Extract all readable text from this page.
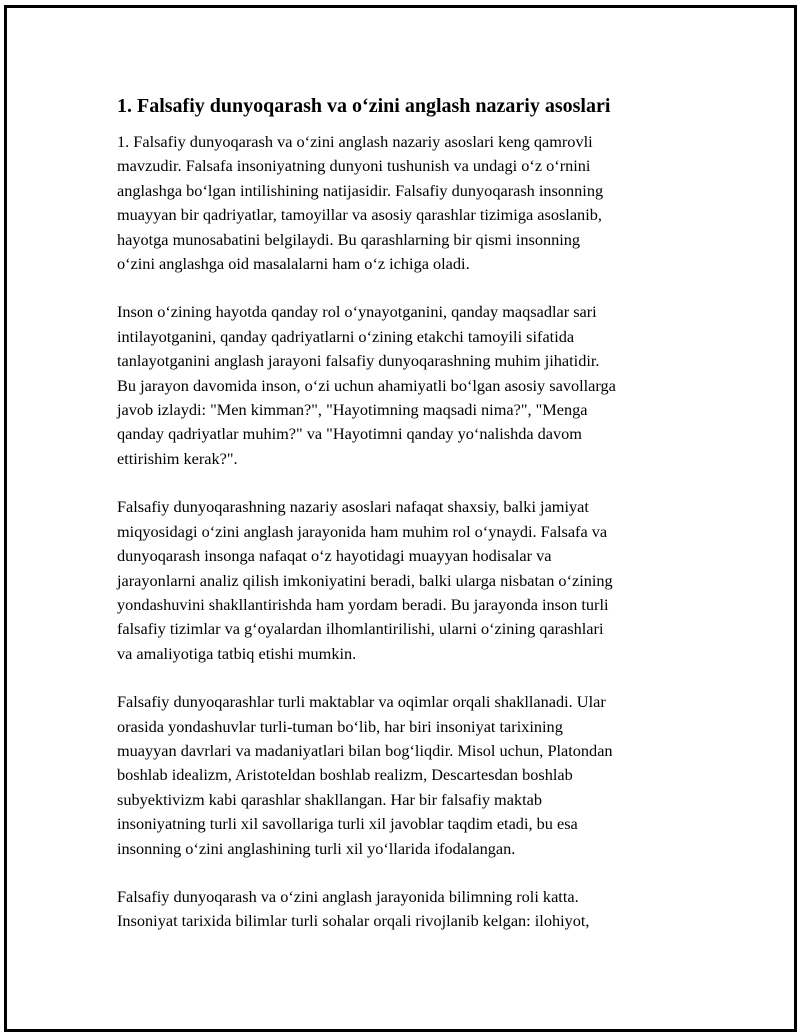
1. Falsafiy dunyoqarash va o‘zini anglash nazariy asoslari

1. Falsafiy dunyoqarash va o‘zini anglash nazariy asoslari keng qamrovli
mavzudir. Falsafa insoniyatning dunyoni tushunish va undagi o‘z o‘rnini
anglashga bo‘lgan intilishining natijasidir. Falsafiy dunyoqarash insonning
muayyan bir qadriyatlar, tamoyillar va asosiy qarashlar tizimiga asoslanib,
hayotga munosabatini belgilaydi. Bu qarashlarning bir qismi insonning
o‘zini anglashga oid masalalarni ham o‘z ichiga oladi.

Inson o‘zining hayotda qanday rol o‘ynayotganini, qanday maqsadlar sari
intilayotganini, qanday qadriyatlarni o‘zining etakchi tamoyili sifatida
tanlayotganini anglash jarayoni falsafiy dunyoqarashning muhim jihatidir.
Bu jarayon davomida inson, o‘zi uchun ahamiyatli bo‘lgan asosiy savollarga
javob izlaydi: "Men kimman?", "Hayotimning maqsadi nima?", "Menga
qanday qadriyatlar muhim?" va "Hayotimni qanday yo‘nalishda davom
ettirishim kerak?".

Falsafiy dunyoqarashning nazariy asoslari nafaqat shaxsiy, balki jamiyat
miqyosidagi o‘zini anglash jarayonida ham muhim rol o‘ynaydi. Falsafa va
dunyoqarash insonga nafaqat o‘z hayotidagi muayyan hodisalar va
jarayonlarni analiz qilish imkoniyatini beradi, balki ularga nisbatan o‘zining
yondashuvini shakllantirishda ham yordam beradi. Bu jarayonda inson turli
falsafiy tizimlar va g‘oyalardan ilhomlantirilishi, ularni o‘zining qarashlari
va amaliyotiga tatbiq etishi mumkin.

Falsafiy dunyoqarashlar turli maktablar va oqimlar orqali shakllanadi. Ular
orasida yondashuvlar turli-tuman bo‘lib, har biri insoniyat tarixining
muayyan davrlari va madaniyatlari bilan bog‘liqdir. Misol uchun, Platondan
boshlab idealizm, Aristoteldan boshlab realizm, Descartesdan boshlab
subyektivizm kabi qarashlar shakllangan. Har bir falsafiy maktab
insoniyatning turli xil savollariga turli xil javoblar taqdim etadi, bu esa
insonning o‘zini anglashining turli xil yo‘llarida ifodalangan.

Falsafiy dunyoqarash va o‘zini anglash jarayonida bilimning roli katta.
Insoniyat tarixida bilimlar turli sohalar orqali rivojlanib kelgan: ilohiyot,
